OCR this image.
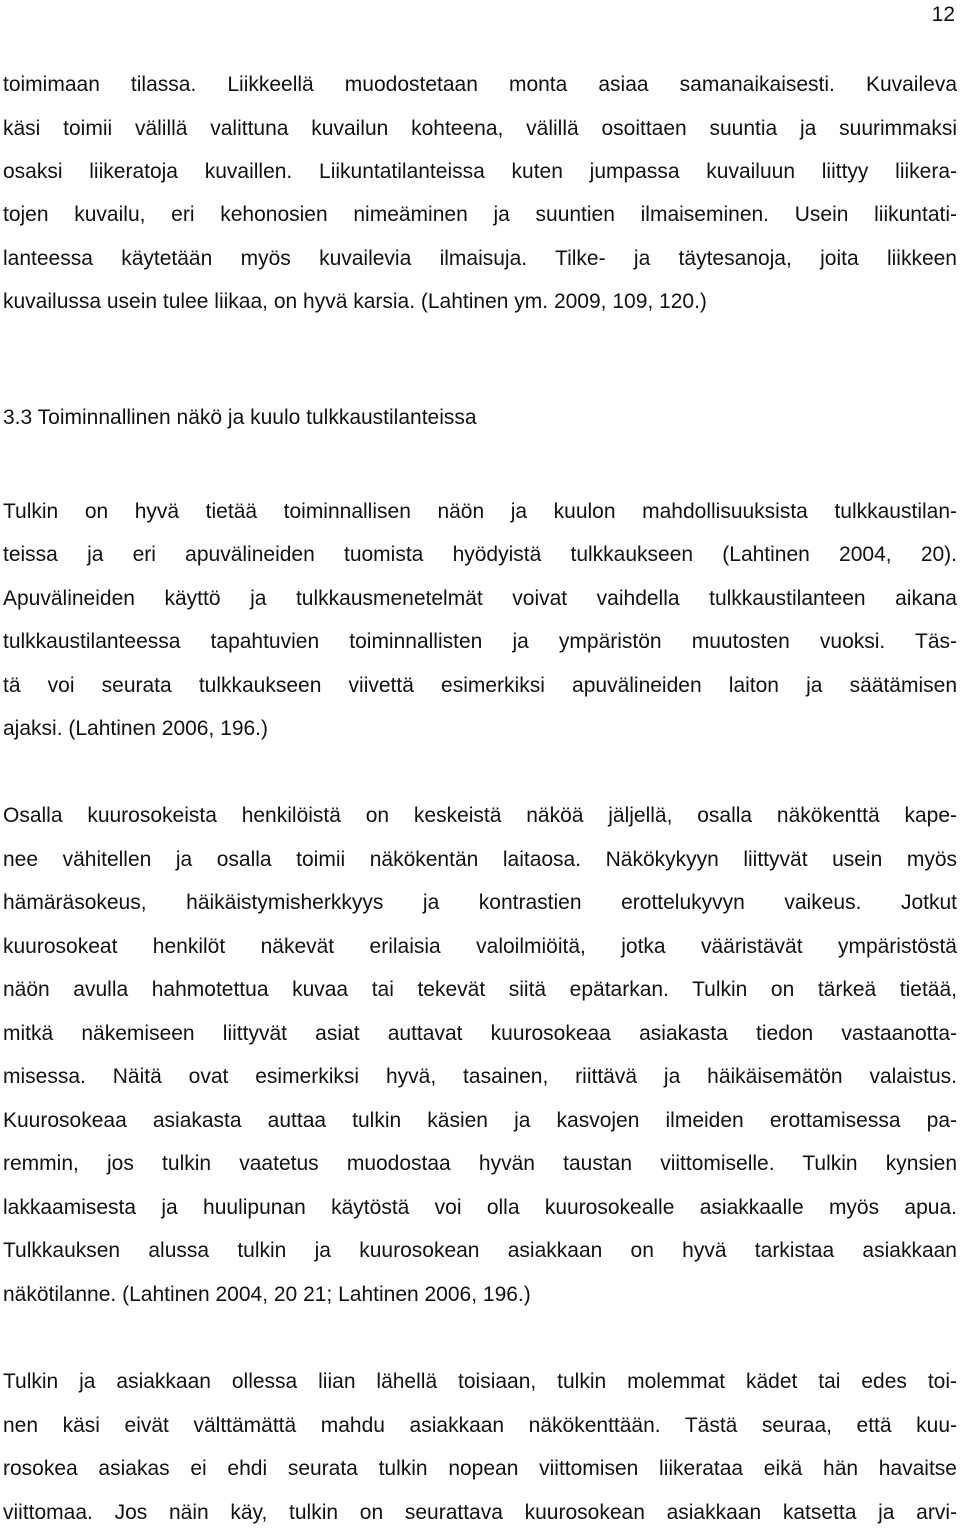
12
toimimaan tilassa. Liikkeellä muodostetaan monta asiaa samanaikaisesti. Kuvaileva
käsi toimii välillä valittuna kuvailun kohteena, välillä osoittaen suuntia ja suurimmaksi
osaksi liikeratoja kuvaillen. Liikuntatilanteissa kuten jumpassa kuvailuun liittyy liikera-
tojen kuvailu, eri kehonosien nimeäminen ja suuntien ilmaiseminen. Usein liikuntati-
lanteessa käytetään myös kuvailevia ilmaisuja. Tilke- ja täytesanoja, joita liikkeen
kuvailussa usein tulee liikaa, on hyvä karsia. (Lahtinen ym. 2009, 109, 120.)
3.3 Toiminnallinen näkö ja kuulo tulkkaustilanteissa
Tulkin on hyvä tietää toiminnallisen näön ja kuulon mahdollisuuksista tulkkaustilan-
teissa ja eri apuvälineiden tuomista hyödyistä tulkkaukseen (Lahtinen 2004, 20).
Apuvälineiden käyttö ja tulkkausmenetelmät voivat vaihdella tulkkaustilanteen aikana
tulkkaustilanteessa tapahtuvien toiminnallisten ja ympäristön muutosten vuoksi. Täs-
tä voi seurata tulkkaukseen viivettä esimerkiksi apuvälineiden laiton ja säätämisen
ajaksi. (Lahtinen 2006, 196.)
Osalla kuurosokeista henkilöistä on keskeistä näköä jäljellä, osalla näkökenttä kape-
nee vähitellen ja osalla toimii näkökentän laitaosa. Näkökykyyn liittyvät usein myös
hämäräsokeus, häikäistymisherkkyys ja kontrastien erottelukyvyn vaikeus. Jotkut
kuurosokeat henkilöt näkevät erilaisia valoilmiöitä, jotka vääristävät ympäristöstä
näön avulla hahmotettua kuvaa tai tekevät siitä epätarkan. Tulkin on tärkeä tietää,
mitkä näkemiseen liittyvät asiat auttavat kuurosokeaa asiakasta tiedon vastaanotta-
misessa. Näitä ovat esimerkiksi hyvä, tasainen, riittävä ja häikäisemätön valaistus.
Kuurosokeaa asiakasta auttaa tulkin käsien ja kasvojen ilmeiden erottamisessa pa-
remmin, jos tulkin vaatetus muodostaa hyvän taustan viittomiselle. Tulkin kynsien
lakkaamisesta ja huulipunan käytöstä voi olla kuurosokealle asiakkaalle myös apua.
Tulkkauksen alussa tulkin ja kuurosokean asiakkaan on hyvä tarkistaa asiakkaan
näkötilanne. (Lahtinen 2004, 20 21; Lahtinen 2006, 196.)
Tulkin ja asiakkaan ollessa liian lähellä toisiaan, tulkin molemmat kädet tai edes toi-
nen käsi eivät välttämättä mahdu asiakkaan näkökenttään. Tästä seuraa, että kuu-
rosokea asiakas ei ehdi seurata tulkin nopean viittomisen liikerataa eikä hän havaitse
viittomaa. Jos näin käy, tulkin on seurattava kuurosokean asiakkaan katsetta ja arvi-
